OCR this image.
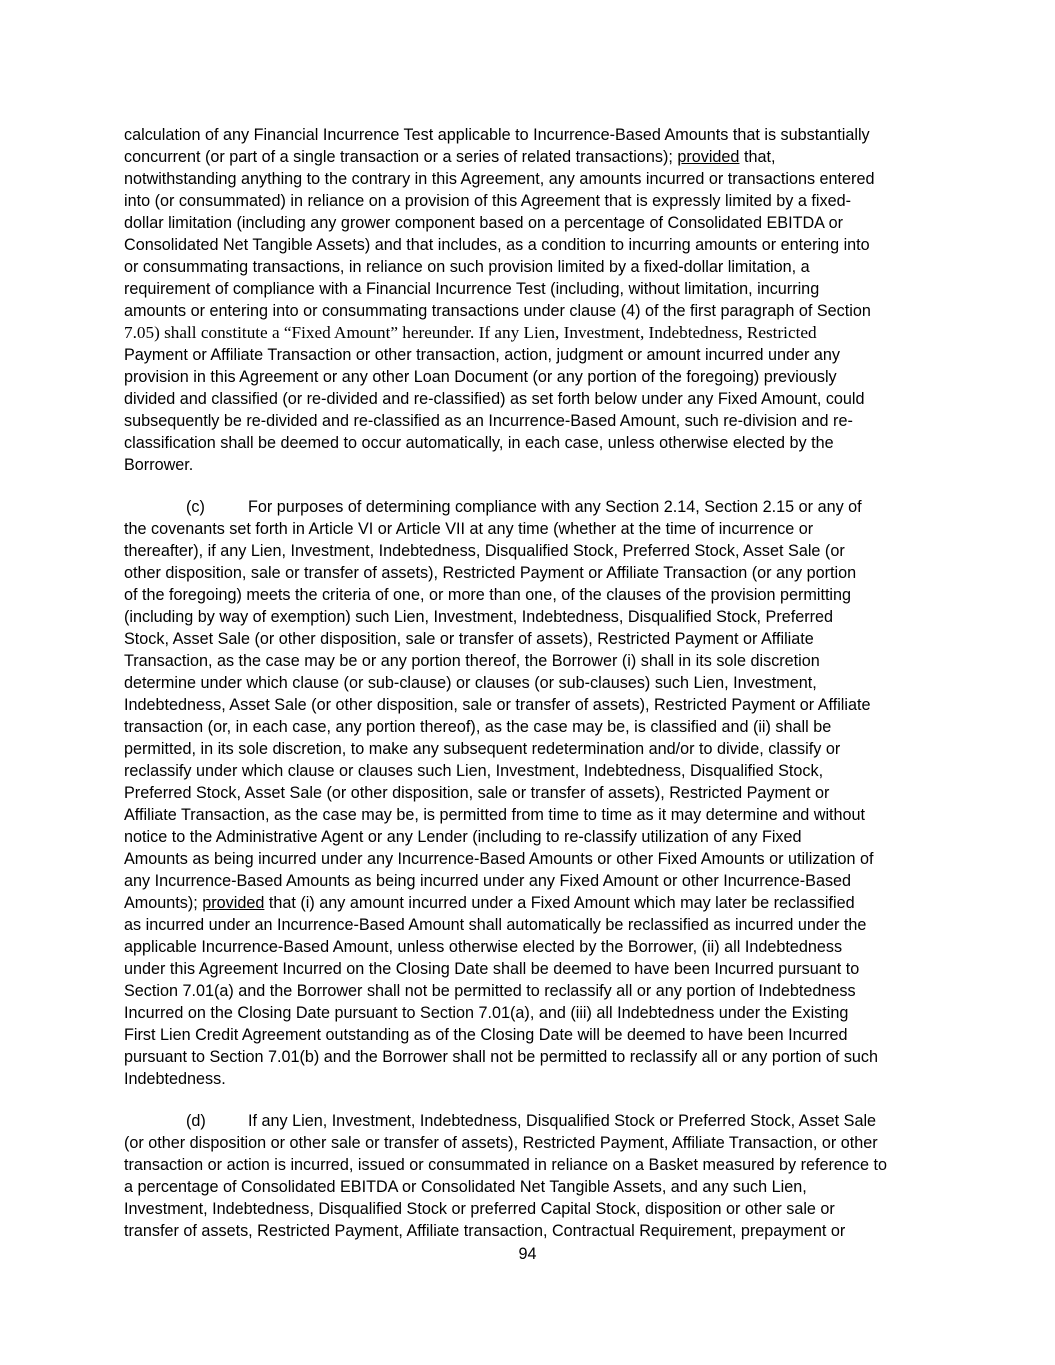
calculation of any Financial Incurrence Test applicable to Incurrence-Based Amounts that is substantially
concurrent (or part of a single transaction or a series of related transactions); provided that,
notwithstanding anything to the contrary in this Agreement, any amounts incurred or transactions entered
into (or consummated) in reliance on a provision of this Agreement that is expressly limited by a fixed-
dollar limitation (including any grower component based on a percentage of Consolidated EBITDA or
Consolidated Net Tangible Assets) and that includes, as a condition to incurring amounts or entering into
or consummating transactions, in reliance on such provision limited by a fixed-dollar limitation, a
requirement of compliance with a Financial Incurrence Test (including, without limitation, incurring
amounts or entering into or consummating transactions under clause (4) of the first paragraph of Section
7.05) shall constitute a “Fixed Amount” hereunder. If any Lien, Investment, Indebtedness, Restricted
Payment or Affiliate Transaction or other transaction, action, judgment or amount incurred under any
provision in this Agreement or any other Loan Document (or any portion of the foregoing) previously
divided and classified (or re-divided and re-classified) as set forth below under any Fixed Amount, could
subsequently be re-divided and re-classified as an Incurrence-Based Amount, such re-division and re-
classification shall be deemed to occur automatically, in each case, unless otherwise elected by the
Borrower.
(c)	For purposes of determining compliance with any Section 2.14, Section 2.15 or any of
the covenants set forth in Article VI or Article VII at any time (whether at the time of incurrence or
thereafter), if any Lien, Investment, Indebtedness, Disqualified Stock, Preferred Stock, Asset Sale (or
other disposition, sale or transfer of assets), Restricted Payment or Affiliate Transaction (or any portion
of the foregoing) meets the criteria of one, or more than one, of the clauses of the provision permitting
(including by way of exemption) such Lien, Investment, Indebtedness, Disqualified Stock, Preferred
Stock, Asset Sale (or other disposition, sale or transfer of assets), Restricted Payment or Affiliate
Transaction, as the case may be or any portion thereof, the Borrower (i) shall in its sole discretion
determine under which clause (or sub-clause) or clauses (or sub-clauses) such Lien, Investment,
Indebtedness, Asset Sale (or other disposition, sale or transfer of assets), Restricted Payment or Affiliate
transaction (or, in each case, any portion thereof), as the case may be, is classified and (ii) shall be
permitted, in its sole discretion, to make any subsequent redetermination and/or to divide, classify or
reclassify under which clause or clauses such Lien, Investment, Indebtedness, Disqualified Stock,
Preferred Stock, Asset Sale (or other disposition, sale or transfer of assets), Restricted Payment or
Affiliate Transaction, as the case may be, is permitted from time to time as it may determine and without
notice to the Administrative Agent or any Lender (including to re-classify utilization of any Fixed
Amounts as being incurred under any Incurrence-Based Amounts or other Fixed Amounts or utilization of
any Incurrence-Based Amounts as being incurred under any Fixed Amount or other Incurrence-Based
Amounts); provided that (i) any amount incurred under a Fixed Amount which may later be reclassified
as incurred under an Incurrence-Based Amount shall automatically be reclassified as incurred under the
applicable Incurrence-Based Amount, unless otherwise elected by the Borrower, (ii) all Indebtedness
under this Agreement Incurred on the Closing Date shall be deemed to have been Incurred pursuant to
Section 7.01(a) and the Borrower shall not be permitted to reclassify all or any portion of Indebtedness
Incurred on the Closing Date pursuant to Section 7.01(a), and (iii) all Indebtedness under the Existing
First Lien Credit Agreement outstanding as of the Closing Date will be deemed to have been Incurred
pursuant to Section 7.01(b) and the Borrower shall not be permitted to reclassify all or any portion of such
Indebtedness.
(d)	If any Lien, Investment, Indebtedness, Disqualified Stock or Preferred Stock, Asset Sale
(or other disposition or other sale or transfer of assets), Restricted Payment, Affiliate Transaction, or other
transaction or action is incurred, issued or consummated in reliance on a Basket measured by reference to
a percentage of Consolidated EBITDA or Consolidated Net Tangible Assets, and any such Lien,
Investment, Indebtedness, Disqualified Stock or preferred Capital Stock, disposition or other sale or
transfer of assets, Restricted Payment, Affiliate transaction, Contractual Requirement, prepayment or
94
